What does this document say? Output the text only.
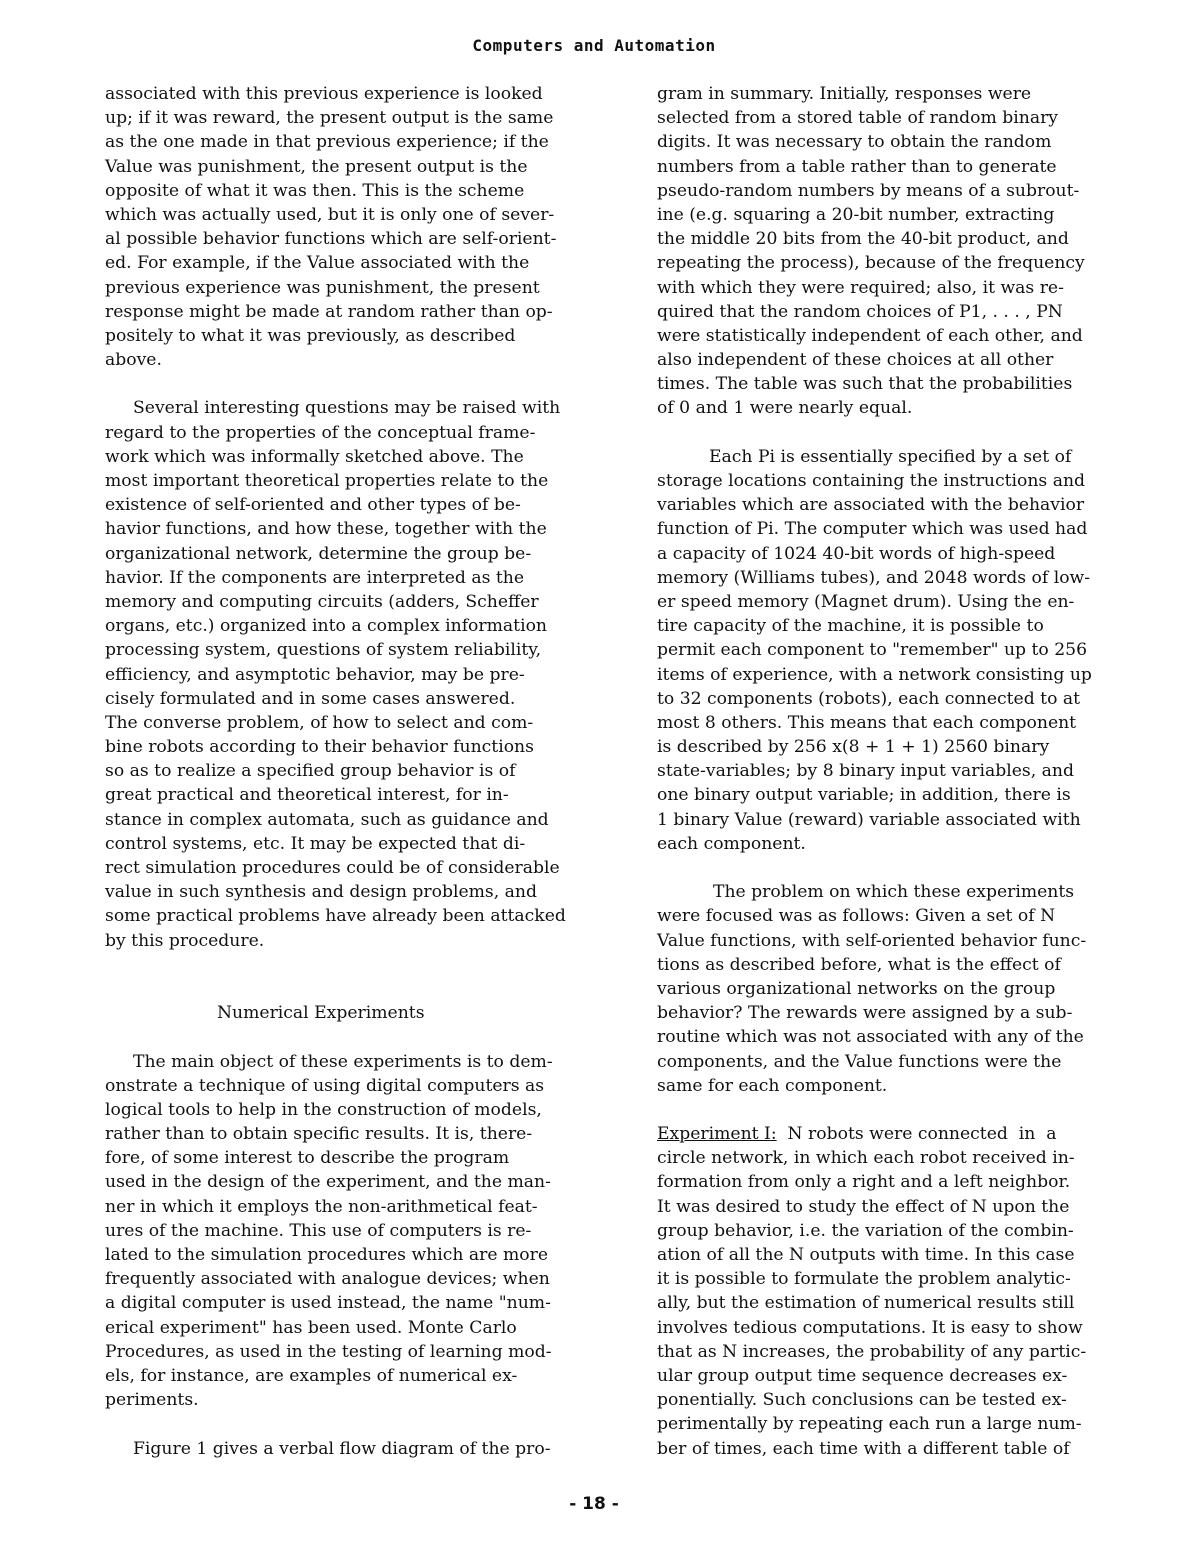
Computers and Automation
associated with this previous experience is looked
up; if it was reward, the present output is the same
as the one made in that previous experience; if the
Value was punishment, the present output is the
opposite of what it was then. This is the scheme
which was actually used, but it is only one of sever-
al possible behavior functions which are self-orient-
ed. For example, if the Value associated with the
previous experience was punishment, the present
response might be made at random rather than op-
positely to what it was previously, as described
above.
Several interesting questions may be raised with
regard to the properties of the conceptual frame-
work which was informally sketched above. The
most important theoretical properties relate to the
existence of self-oriented and other types of be-
havior functions, and how these, together with the
organizational network, determine the group be-
havior. If the components are interpreted as the
memory and computing circuits (adders, Scheffer
organs, etc.) organized into a complex information
processing system, questions of system reliability,
efficiency, and asymptotic behavior, may be pre-
cisely formulated and in some cases answered.
The converse problem, of how to select and com-
bine robots according to their behavior functions
so as to realize a specified group behavior is of
great practical and theoretical interest, for in-
stance in complex automata, such as guidance and
control systems, etc. It may be expected that di-
rect simulation procedures could be of considerable
value in such synthesis and design problems, and
some practical problems have already been attacked
by this procedure.
Numerical Experiments
The main object of these experiments is to dem-
onstrate a technique of using digital computers as
logical tools to help in the construction of models,
rather than to obtain specific results. It is, there-
fore, of some interest to describe the program
used in the design of the experiment, and the man-
ner in which it employs the non-arithmetical feat-
ures of the machine. This use of computers is re-
lated to the simulation procedures which are more
frequently associated with analogue devices; when
a digital computer is used instead, the name "num-
erical experiment" has been used. Monte Carlo
Procedures, as used in the testing of learning mod-
els, for instance, are examples of numerical ex-
periments.
Figure 1 gives a verbal flow diagram of the pro-
gram in summary. Initially, responses were
selected from a stored table of random binary
digits. It was necessary to obtain the random
numbers from a table rather than to generate
pseudo-random numbers by means of a subrout-
ine (e.g. squaring a 20-bit number, extracting
the middle 20 bits from the 40-bit product, and
repeating the process), because of the frequency
with which they were required; also, it was re-
quired that the random choices of P1, . . . , PN
were statistically independent of each other, and
also independent of these choices at all other
times. The table was such that the probabilities
of 0 and 1 were nearly equal.
Each Pi is essentially specified by a set of
storage locations containing the instructions and
variables which are associated with the behavior
function of Pi. The computer which was used had
a capacity of 1024 40-bit words of high-speed
memory (Williams tubes), and 2048 words of low-
er speed memory (Magnet drum). Using the en-
tire capacity of the machine, it is possible to
permit each component to "remember" up to 256
items of experience, with a network consisting up
to 32 components (robots), each connected to at
most 8 others. This means that each component
is described by 256 x(8 + 1 + 1) 2560 binary
state-variables; by 8 binary input variables, and
one binary output variable; in addition, there is
1 binary Value (reward) variable associated with
each component.
The problem on which these experiments
were focused was as follows: Given a set of N
Value functions, with self-oriented behavior func-
tions as described before, what is the effect of
various organizational networks on the group
behavior? The rewards were assigned by a sub-
routine which was not associated with any of the
components, and the Value functions were the
same for each component.
Experiment I:  N robots were connected  in  a
circle network, in which each robot received in-
formation from only a right and a left neighbor.
It was desired to study the effect of N upon the
group behavior, i.e. the variation of the combin-
ation of all the N outputs with time. In this case
it is possible to formulate the problem analytic-
ally, but the estimation of numerical results still
involves tedious computations. It is easy to show
that as N increases, the probability of any partic-
ular group output time sequence decreases ex-
ponentially. Such conclusions can be tested ex-
perimentally by repeating each run a large num-
ber of times, each time with a different table of
- 18 -
